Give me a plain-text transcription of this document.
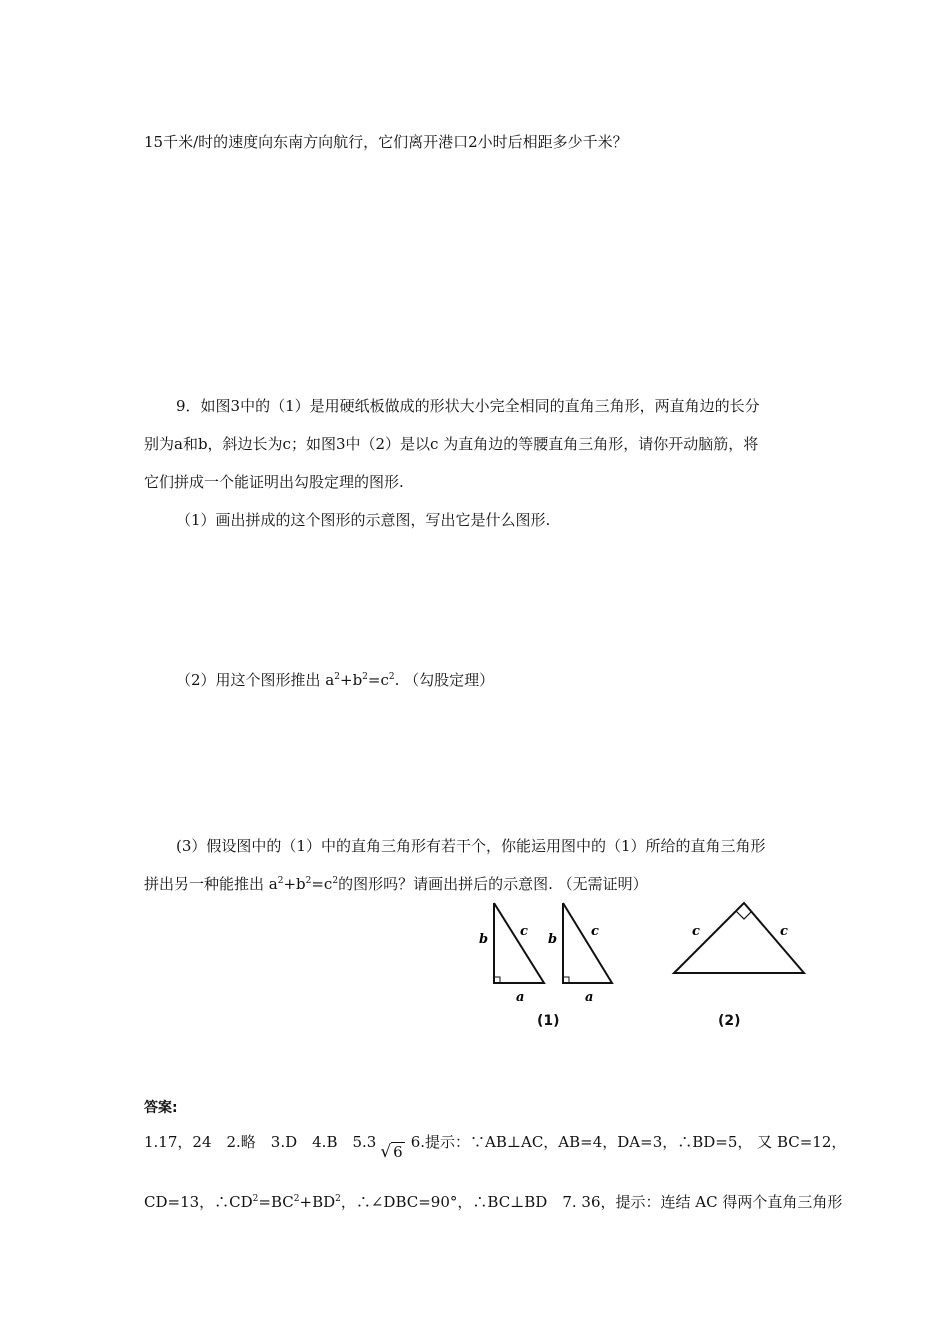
15千米/时的速度向东南方向航行，它们离开港口2小时后相距多少千米？
9．如图3中的（1）是用硬纸板做成的形状大小完全相同的直角三角形，两直角边的长分
别为a和b，斜边长为c；如图3中（2）是以c 为直角边的等腰直角三角形，请你开动脑筋，将
它们拼成一个能证明出勾股定理的图形.
（1）画出拼成的这个图形的示意图，写出它是什么图形.
（2）用这个图形推出 $a^2+b^2=c^2$. （勾股定理）
(3）假设图中的（1）中的直角三角形有若干个，你能运用图中的（1）所给的直角三角形
拼出另一种能推出 $a^2+b^2=c^2$的图形吗？请画出拼后的示意图. （无需证明）
b
c
a
b
c
a
c	c
(1)	(2)
答案:
1.17，24　2.略　3.D　4.B　5.3 √ 66.提示：∵AB⊥AC，AB=4，DA=3，∴BD=5， 又 BC=12，
CD=13，$\therefore CD^2=BC^2+BD^2$，∴∠DBC=90°，∴BC⊥BD　7. 36，提示：连结 AC 得两个直角三角形
